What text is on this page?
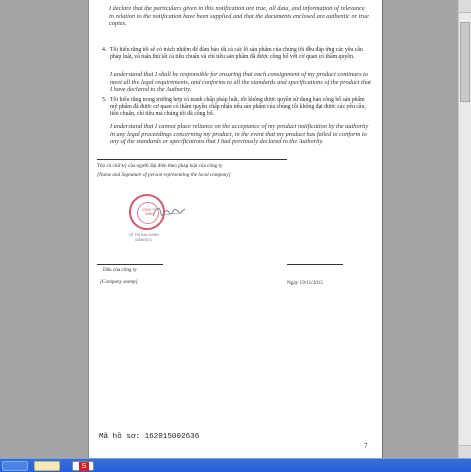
I declare that the particulars given in this notification are true, all data, and information of relevance in relation to the notification have been supplied and that the documents enclosed are authentic or true copies.

4. Tôi hiểu rằng tôi sẽ có trách nhiệm để đảm bảo tất cả các lô sản phẩm của chúng tôi đều đáp ứng các yêu cầu pháp luật, và tuân thủ tất cả tiêu chuẩn và chỉ tiêu sản phẩm đã được công bố với cơ quan có thẩm quyền.

I understand that I shall be responsible for ensuring that each consignment of my product continues to meet all the legal requirements, and conforms to all the standards and specifications of the product that I have declared to the Authority.

5. Tôi hiểu rằng trong trường hợp có tranh chấp pháp luật, tôi không được quyền sử dụng bản công bố sản phẩm mỹ phẩm đã được cơ quan có thẩm quyền chấp nhận nếu sản phẩm của chúng tôi không đạt được các yêu cầu, tiêu chuẩn, chỉ tiêu mà chúng tôi đã công bố.

I understand that I cannot place reliance on the acceptance of my product notification by the authority in any legal proceedings concerning my product, in the event that my product has failed to conform to any of the standards or specifications that I had previously declared to the Authority.

Tên và chữ ký của người đại diện theo pháp luật của công ty

[Name and Signature of person representing the local company]

CÔNG TY TNHH

LÊ THỊ KIM OANH

GIÁM ĐỐC

Dấu của công ty

[Company stamp]	Ngày 19/11/2015

Mã hồ sơ: 162015002636

7

S
